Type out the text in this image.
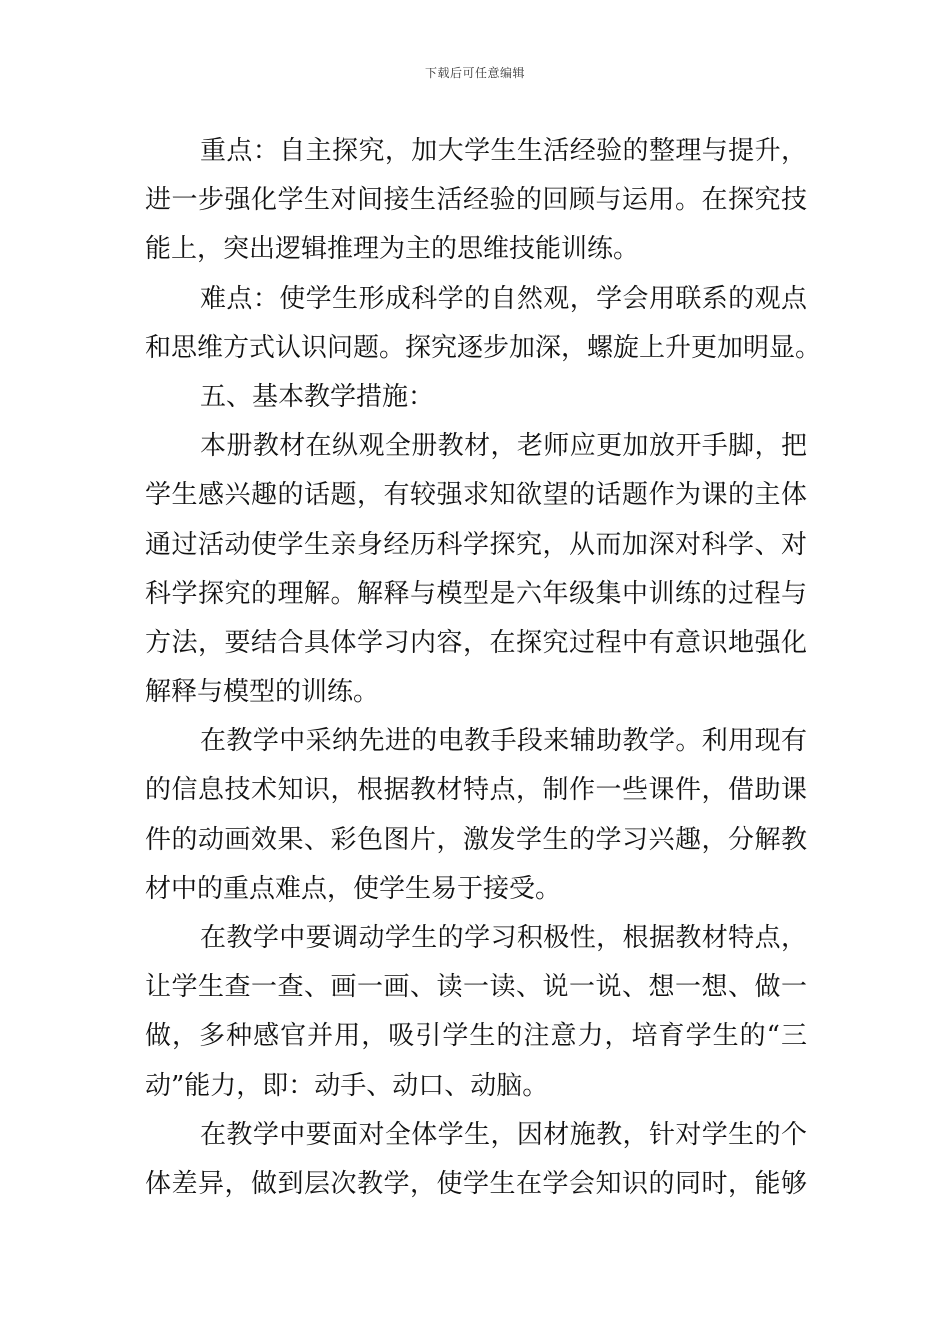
下载后可任意编辑
重点：自主探究，加大学生生活经验的整理与提升，
进一步强化学生对间接生活经验的回顾与运用。在探究技
能上，突出逻辑推理为主的思维技能训练。
难点：使学生形成科学的自然观，学会用联系的观点
和思维方式认识问题。探究逐步加深，螺旋上升更加明显。
五、基本教学措施：
本册教材在纵观全册教材，老师应更加放开手脚，把
学生感兴趣的话题，有较强求知欲望的话题作为课的主体
通过活动使学生亲身经历科学探究，从而加深对科学、对
科学探究的理解。解释与模型是六年级集中训练的过程与
方法，要结合具体学习内容，在探究过程中有意识地强化
解释与模型的训练。
在教学中采纳先进的电教手段来辅助教学。利用现有
的信息技术知识，根据教材特点，制作一些课件，借助课
件的动画效果、彩色图片，激发学生的学习兴趣，分解教
材中的重点难点，使学生易于接受。
在教学中要调动学生的学习积极性，根据教材特点，
让学生查一查、画一画、读一读、说一说、想一想、做一
做，多种感官并用，吸引学生的注意力，培育学生的“三
动”能力，即：动手、动口、动脑。
在教学中要面对全体学生，因材施教，针对学生的个
体差异，做到层次教学，使学生在学会知识的同时，能够
